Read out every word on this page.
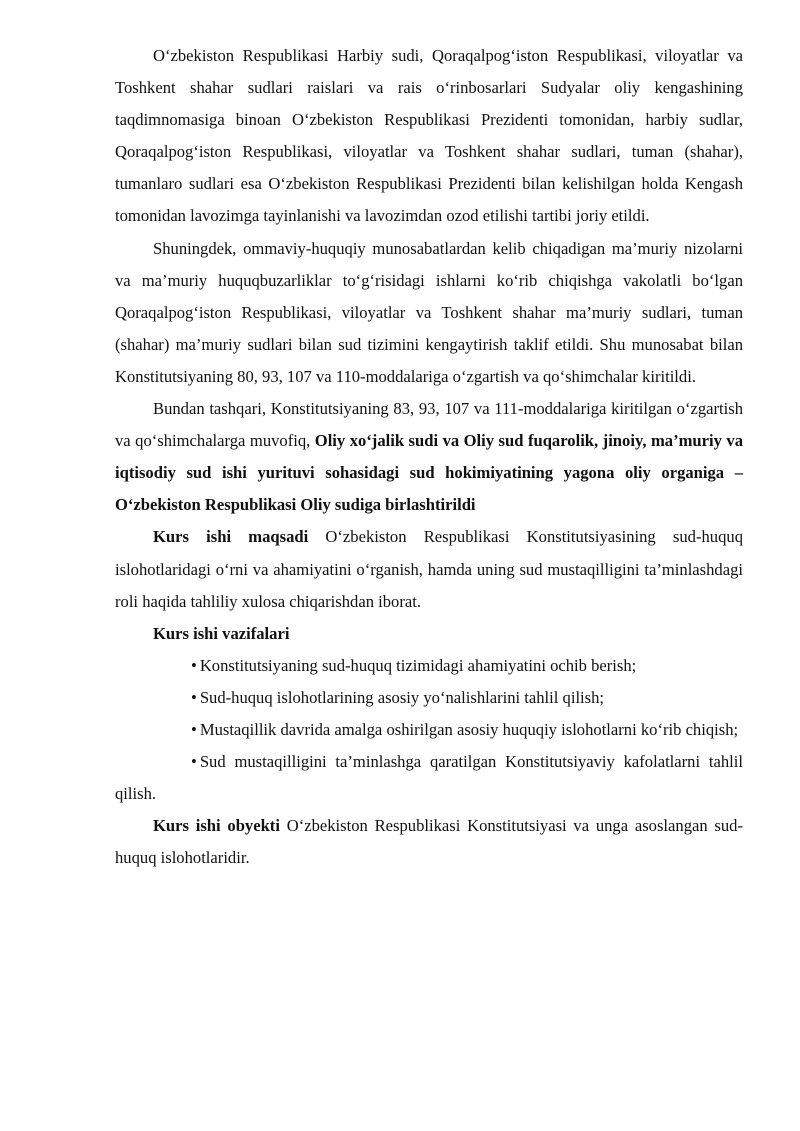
O‘zbekiston Respublikasi Harbiy sudi, Qoraqalpog‘iston Respublikasi, viloyatlar va Toshkent shahar sudlari raislari va rais o‘rinbosarlari Sudyalar oliy kengashining taqdimnomasiga binoan O‘zbekiston Respublikasi Prezidenti tomonidan, harbiy sudlar, Qoraqalpog‘iston Respublikasi, viloyatlar va Toshkent shahar sudlari, tuman (shahar), tumanlaro sudlari esa O‘zbekiston Respublikasi Prezidenti bilan kelishilgan holda Kengash tomonidan lavozimga tayinlanishi va lavozimdan ozod etilishi tartibi joriy etildi.

Shuningdek, ommaviy-huquqiy munosabatlardan kelib chiqadigan ma’muriy nizolarni va ma’muriy huquqbuzarliklar to‘g‘risidagi ishlarni ko‘rib chiqishga vakolatli bo‘lgan Qoraqalpog‘iston Respublikasi, viloyatlar va Toshkent shahar ma’muriy sudlari, tuman (shahar) ma’muriy sudlari bilan sud tizimini kengaytirish taklif etildi. Shu munosabat bilan Konstitutsiyaning 80, 93, 107 va 110-moddalariga o‘zgartish va qo‘shimchalar kiritildi.

Bundan tashqari, Konstitutsiyaning 83, 93, 107 va 111-moddalariga kiritilgan o‘zgartish va qo‘shimchalarga muvofiq, Oliy xo‘jalik sudi va Oliy sud fuqarolik, jinoiy, ma’muriy va iqtisodiy sud ishi yurituvi sohasidagi sud hokimiyatining yagona oliy organiga – O‘zbekiston Respublikasi Oliy sudiga birlashtirildi

Kurs ishi maqsadi O‘zbekiston Respublikasi Konstitutsiyasining sud-huquq islohotlaridagi o‘rni va ahamiyatini o‘rganish, hamda uning sud mustaqilligini ta’minlashdagi roli haqida tahliliy xulosa chiqarishdan iborat.

Kurs ishi vazifalari

• Konstitutsiyaning sud-huquq tizimidagi ahamiyatini ochib berish;

• Sud-huquq islohotlarining asosiy yo‘nalishlarini tahlil qilish;

• Mustaqillik davrida amalga oshirilgan asosiy huquqiy islohotlarni ko‘rib chiqish;

• Sud mustaqilligini ta’minlashga qaratilgan Konstitutsiyaviy kafolatlarni tahlil qilish.

Kurs ishi obyekti O‘zbekiston Respublikasi Konstitutsiyasi va unga asoslangan sud-huquq islohotlaridir.
